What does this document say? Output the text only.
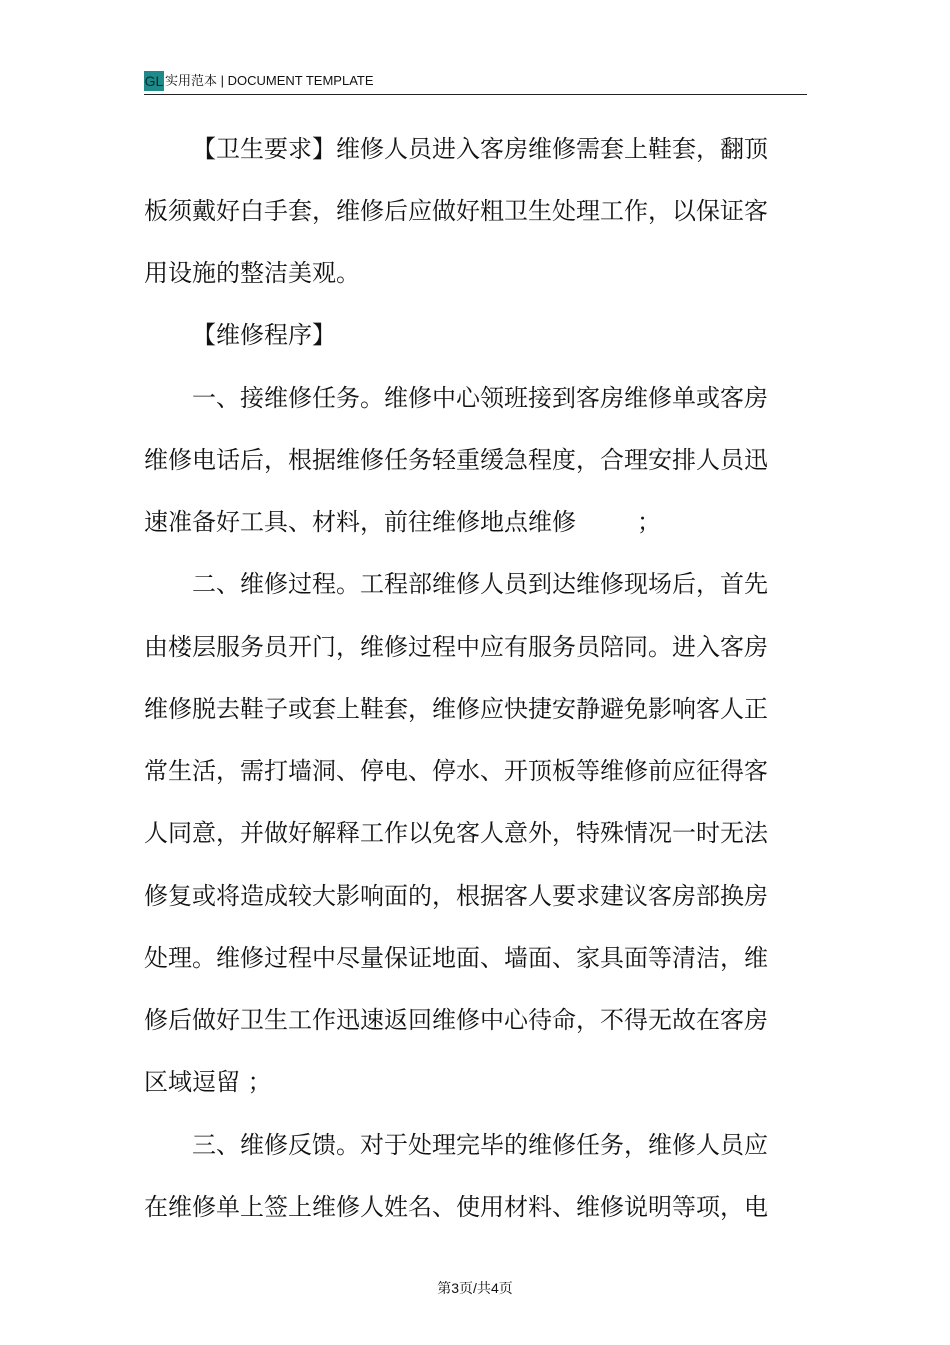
GL 实用范本 | DOCUMENT TEMPLATE
【卫生要求】维修人员进入客房维修需套上鞋套，翻顶
板须戴好白手套，维修后应做好粗卫生处理工作，以保证客
用设施的整洁美观。
【维修程序】
一、接维修任务。维修中心领班接到客房维修单或客房
维修电话后，根据维修任务轻重缓急程度，合理安排人员迅
速准备好工具、材料，前往维修地点维修        ；
二、维修过程。工程部维修人员到达维修现场后，首先
由楼层服务员开门，维修过程中应有服务员陪同。进入客房
维修脱去鞋子或套上鞋套，维修应快捷安静避免影响客人正
常生活，需打墙洞、停电、停水、开顶板等维修前应征得客
人同意，并做好解释工作以免客人意外，特殊情况一时无法
修复或将造成较大影响面的，根据客人要求建议客房部换房
处理。维修过程中尽量保证地面、墙面、家具面等清洁，维
修后做好卫生工作迅速返回维修中心待命，不得无故在客房
区域逗留 ；
三、维修反馈。对于处理完毕的维修任务，维修人员应
在维修单上签上维修人姓名、使用材料、维修说明等项，电
第3页/共4页
